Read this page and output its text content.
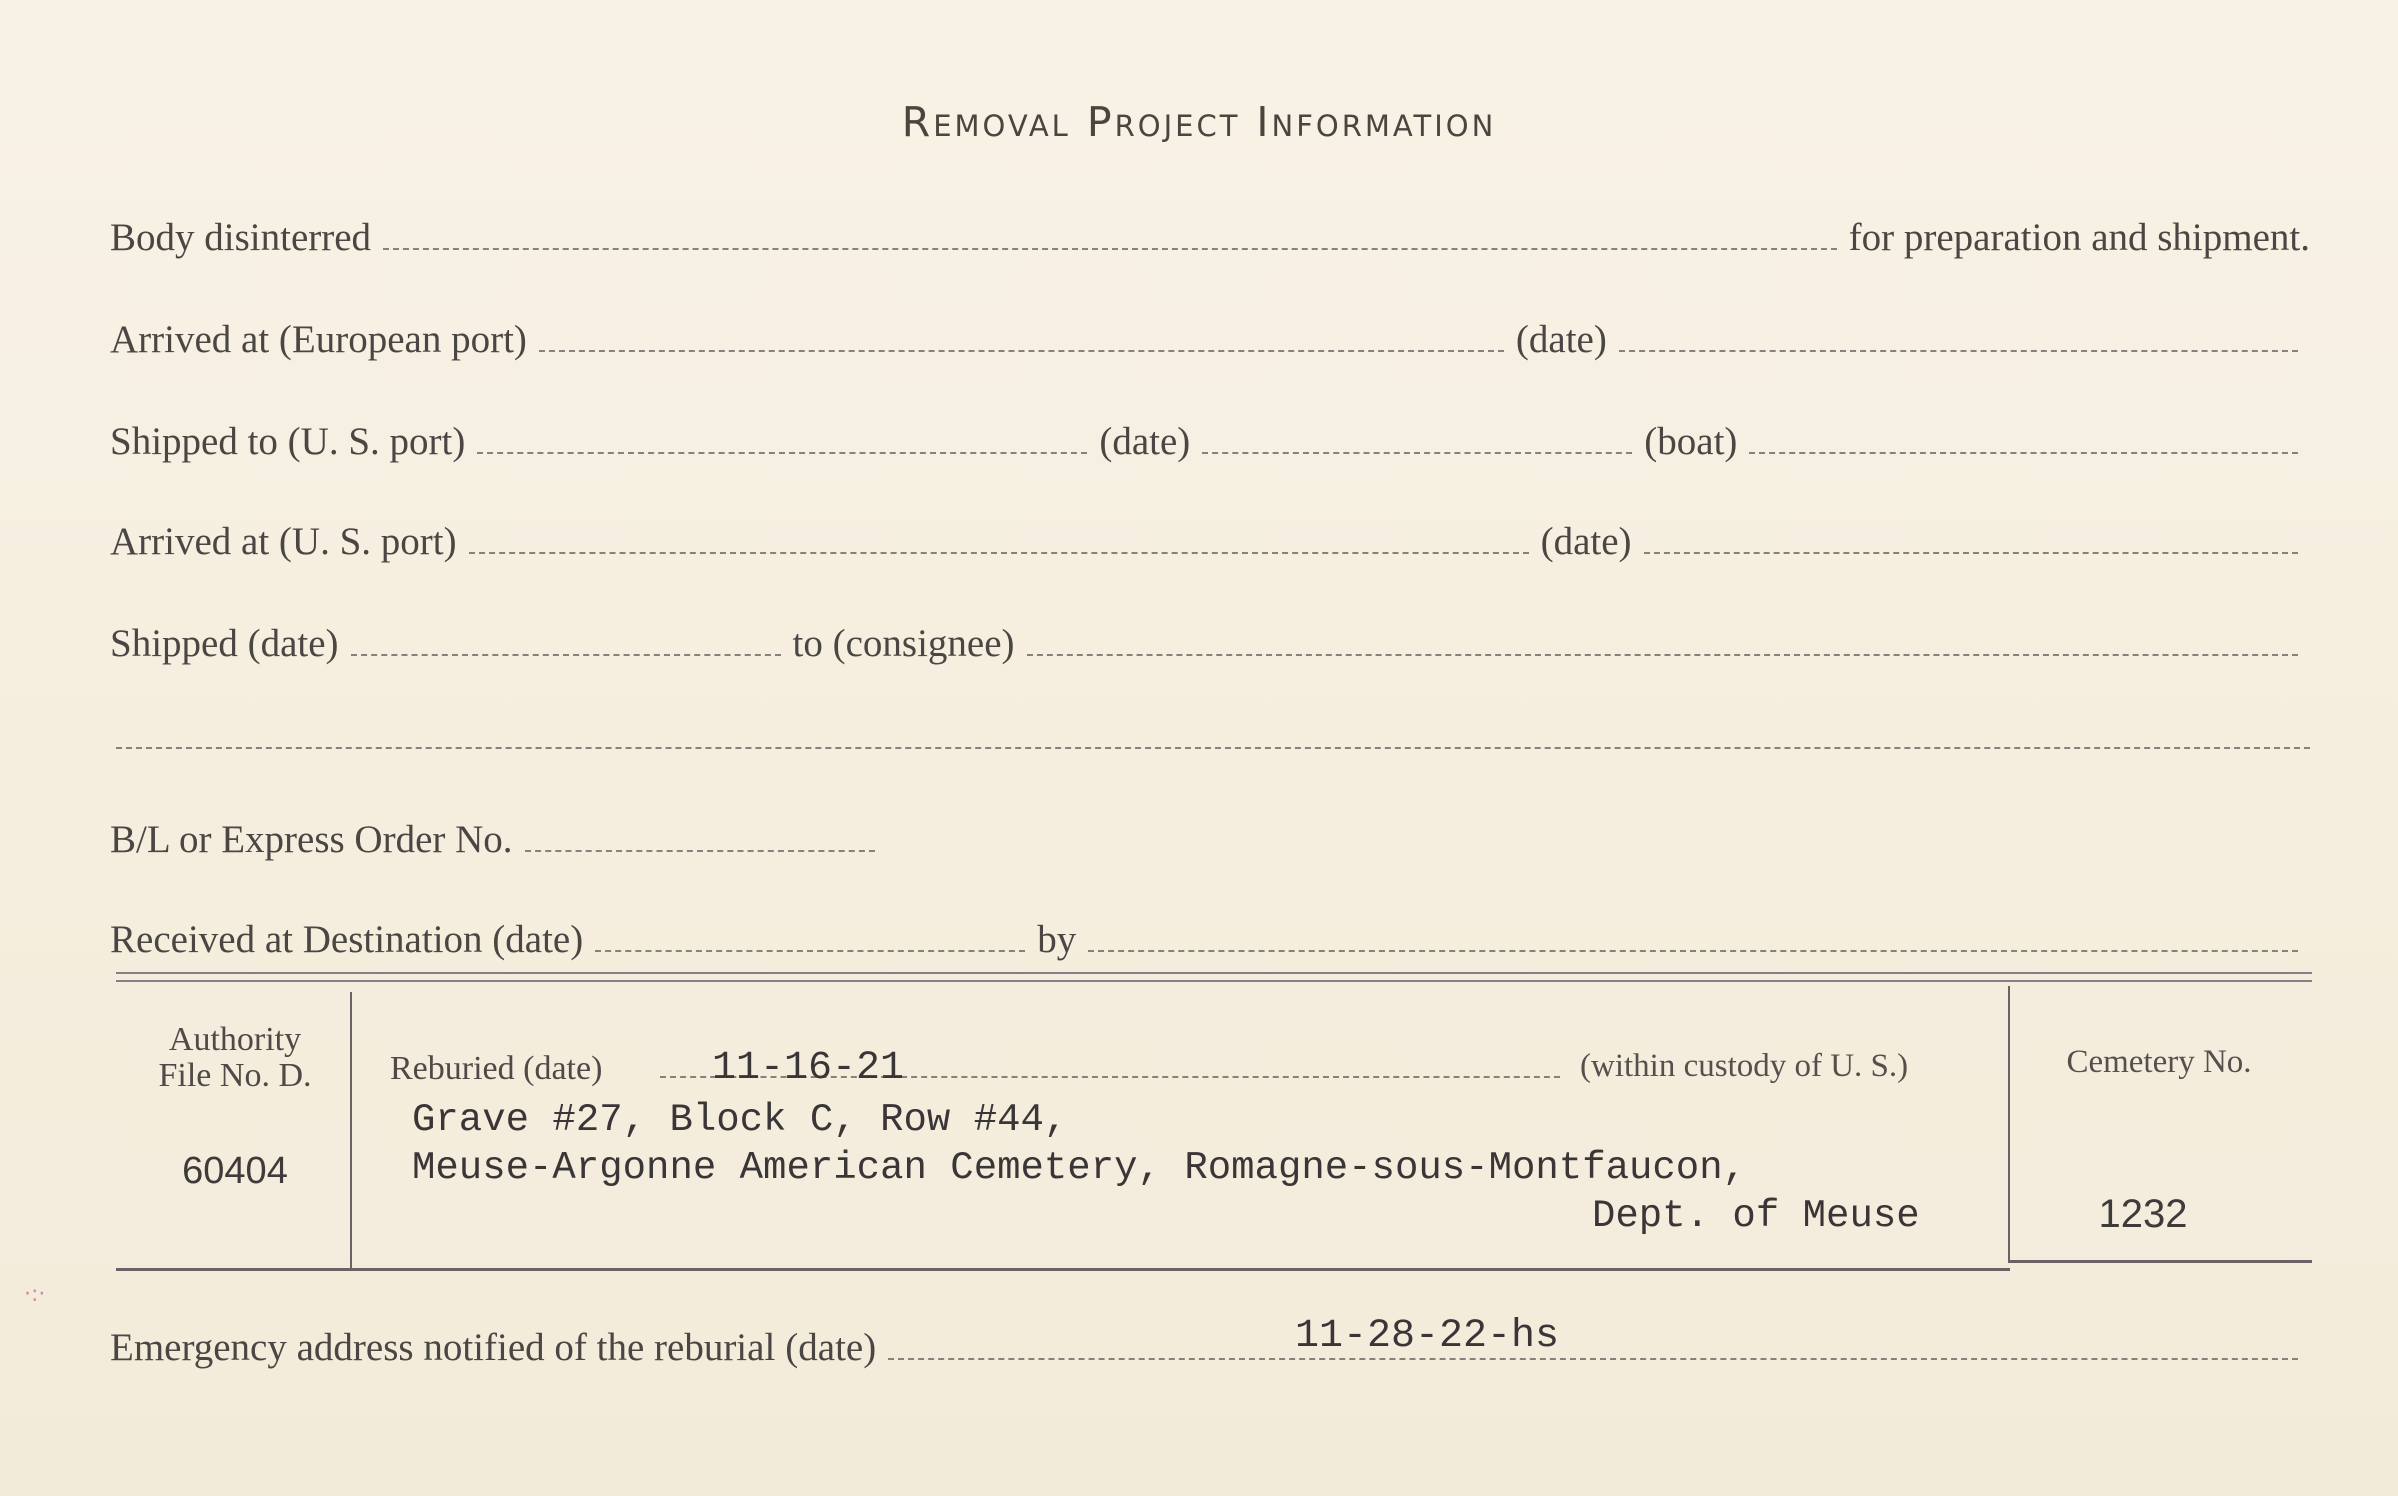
Removal Project Information
Body disinterred	for preparation and shipment.
Arrived at (European port)	(date)
Shipped to (U. S. port)	(date)	(boat)
Arrived at (U. S. port)	(date)
Shipped (date)	to (consignee)
B/L or Express Order No.
Received at Destination (date)	by
Authority
File No. D.
60404
Reburied (date)	11-16-21	(within custody of U. S.)
Grave #27, Block C, Row #44,
Meuse-Argonne American Cemetery, Romagne-sous-Montfaucon,
Dept. of Meuse
Cemetery No.
1232
Emergency address notified of the reburial (date)	11-28-22-hs
·:·
